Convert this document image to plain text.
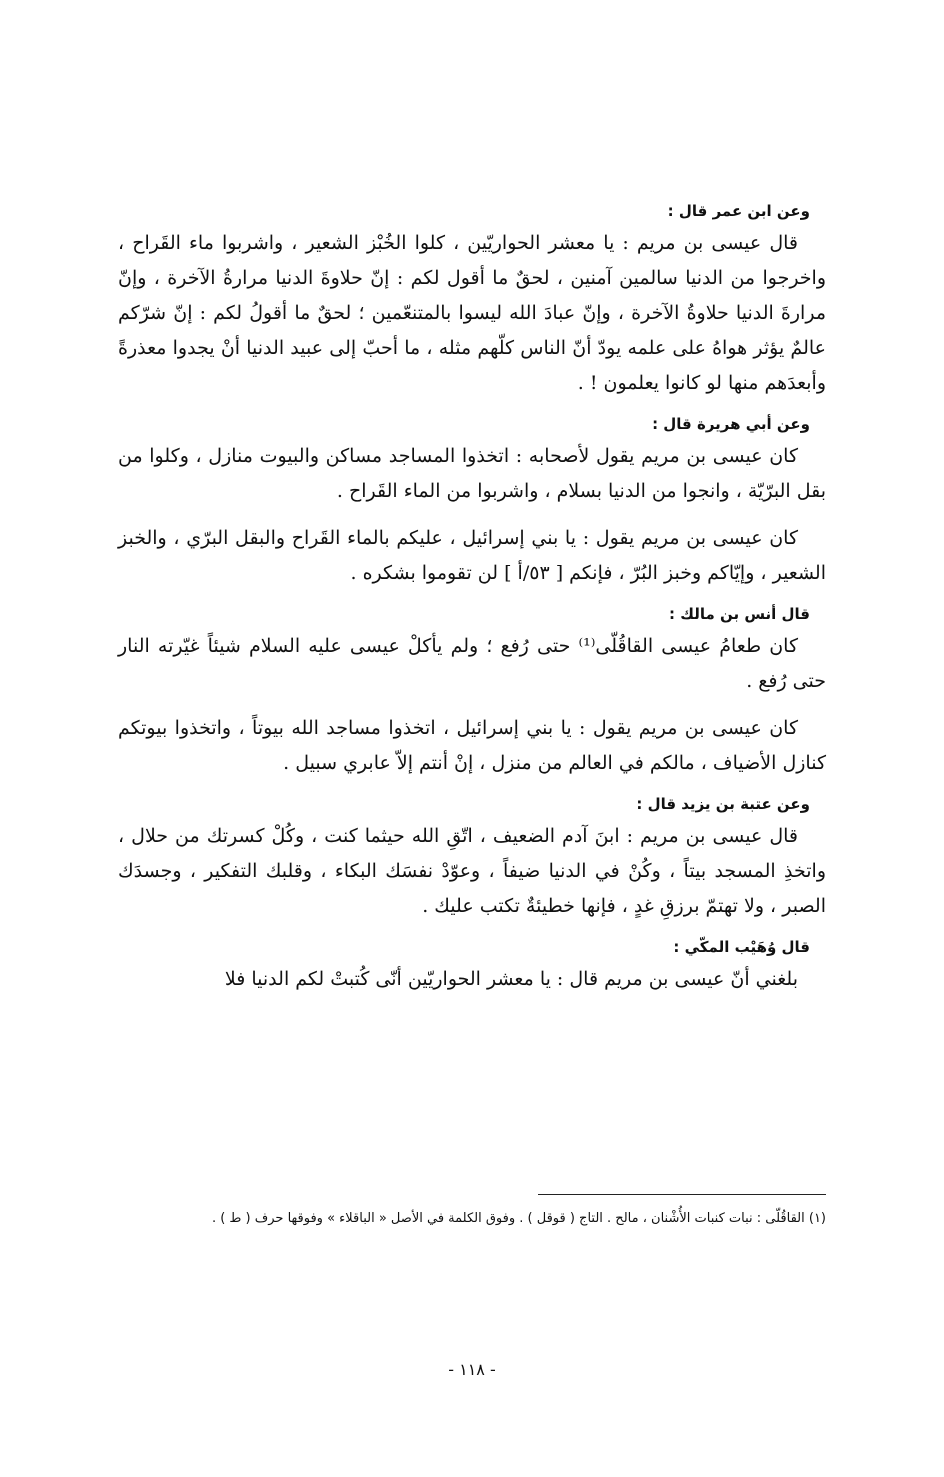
وعن ابن عمر قال :

قال عيسى بن مريم : يا معشر الحواريّين ، كلوا الخُبْز الشعير ، واشربوا ماء القَراح ، واخرجوا من الدنيا سالمين آمنين ، لحقٌ ما أقول لكم : إنّ حلاوةَ الدنيا مرارةُ الآخرة ، وإنّ مرارةَ الدنيا حلاوةُ الآخرة ، وإنّ عبادَ الله ليسوا بالمتنعّمين ؛ لحقٌ ما أقولُ لكم : إنّ شرّكم عالمٌ يؤثر هواهُ على علمه يودّ أنّ الناس كلّهم مثله ، ما أحبّ إلى عبيد الدنيا أنْ يجدوا معذرةً وأبعدَهم منها لو كانوا يعلمون ! .

وعن أبي هريرة قال :

كان عيسى بن مريم يقول لأصحابه : اتخذوا المساجد مساكن والبيوت منازل ، وكلوا من بقل البرّيّة ، وانجوا من الدنيا بسلام ، واشربوا من الماء القَراح .

كان عيسى بن مريم يقول : يا بني إسرائيل ، عليكم بالماء القَراح والبقل البرّي ، والخبز الشعير ، وإيّاكم وخبز البُرّ ، فإنكم [ ٥٣/أ ] لن تقوموا بشكره .

قال أنس بن مالك :

كان طعامُ عيسى القاقُلّى⁽¹⁾ حتى رُفع ؛ ولم يأكلْ عيسى عليه السلام شيئاً غيّرته النار حتى رُفع .

كان عيسى بن مريم يقول : يا بني إسرائيل ، اتخذوا مساجد الله بيوتاً ، واتخذوا بيوتكم كنازل الأضياف ، مالكم في العالم من منزل ، إنْ أنتم إلاّ عابري سبيل .

وعن عتبة بن يزيد قال :

قال عيسى بن مريم : ابنَ آدم الضعيف ، اتّقِ الله حيثما كنت ، وكُلْ كسرتك من حلال ، واتخذِ المسجد بيتاً ، وكُنْ في الدنيا ضيفاً ، وعوّدْ نفسَك البكاء ، وقلبك التفكير ، وجسدَك الصبر ، ولا تهتمّ برزقِ غدٍ ، فإنها خطيئةٌ تكتب عليك .

قال وُهَيْب المكّي :

بلغني أنّ عيسى بن مريم قال : يا معشر الحواريّين أنّى كُتبتْ لكم الدنيا فلا

(١) القاقُلّى : نبات كنبات الأُشْنان ، مالح . التاج ( قوقل ) . وفوق الكلمة في الأصل « الباقلاء » وفوقها حرف ( ط ) .
- ١١٨ -
